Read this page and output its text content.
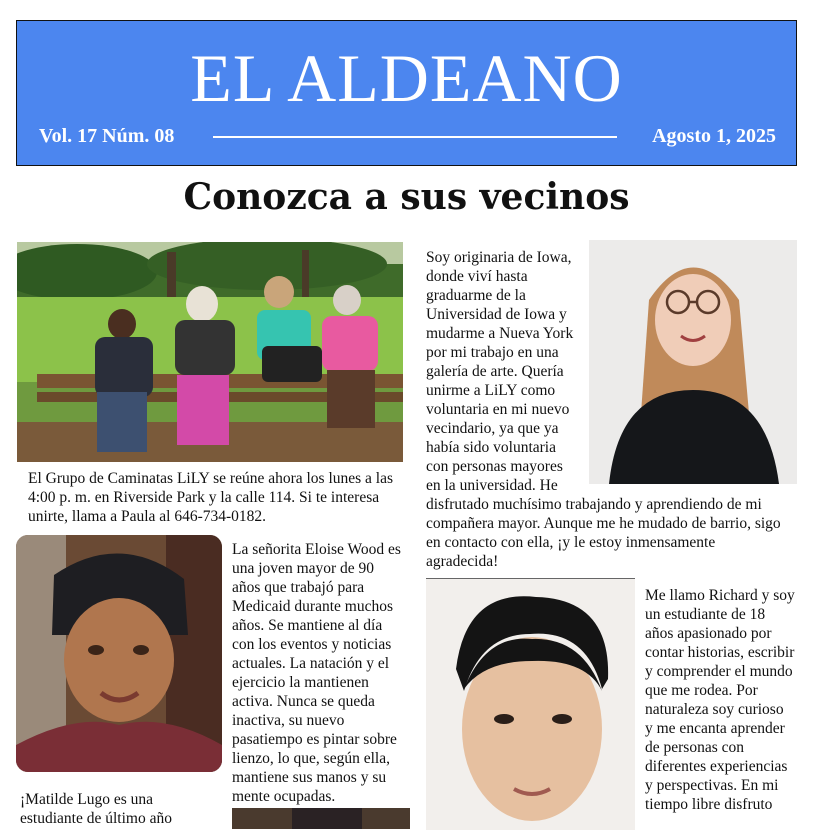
EL ALDEANO
Vol. 17 Núm. 08	Agosto 1, 2025
Conozca a sus vecinos
El Grupo de Caminatas LiLY se reúne ahora los lunes a las 4:00 p. m. en Riverside Park y la calle 114. Si te interesa unirte, llama a Paula al 646-734-0182.
Soy originaria de Iowa, donde viví hasta graduarme de la Universidad de Iowa y mudarme a Nueva York por mi trabajo en una galería de arte. Quería unirme a LiLY como voluntaria en mi nuevo vecindario, ya que ya había sido voluntaria con personas mayores en la universidad. He disfrutado muchísimo trabajando y aprendiendo de mi compañera mayor. Aunque me he mudado de barrio, sigo en contacto con ella, ¡y le estoy inmensamente agradecida!
La señorita Eloise Wood es una joven mayor de 90 años que trabajó para Medicaid durante muchos años. Se mantiene al día con los eventos y noticias actuales. La natación y el ejercicio la mantienen activa. Nunca se queda inactiva, su nuevo pasatiempo es pintar sobre lienzo, lo que, según ella, mantiene sus manos y su mente ocupadas.
¡Matilde Lugo es una estudiante de último año
Me llamo Richard y soy un estudiante de 18 años apasionado por contar historias, escribir y comprender el mundo que me rodea. Por naturaleza soy curioso y me encanta aprender de personas con diferentes experiencias y perspectivas. En mi tiempo libre disfruto
